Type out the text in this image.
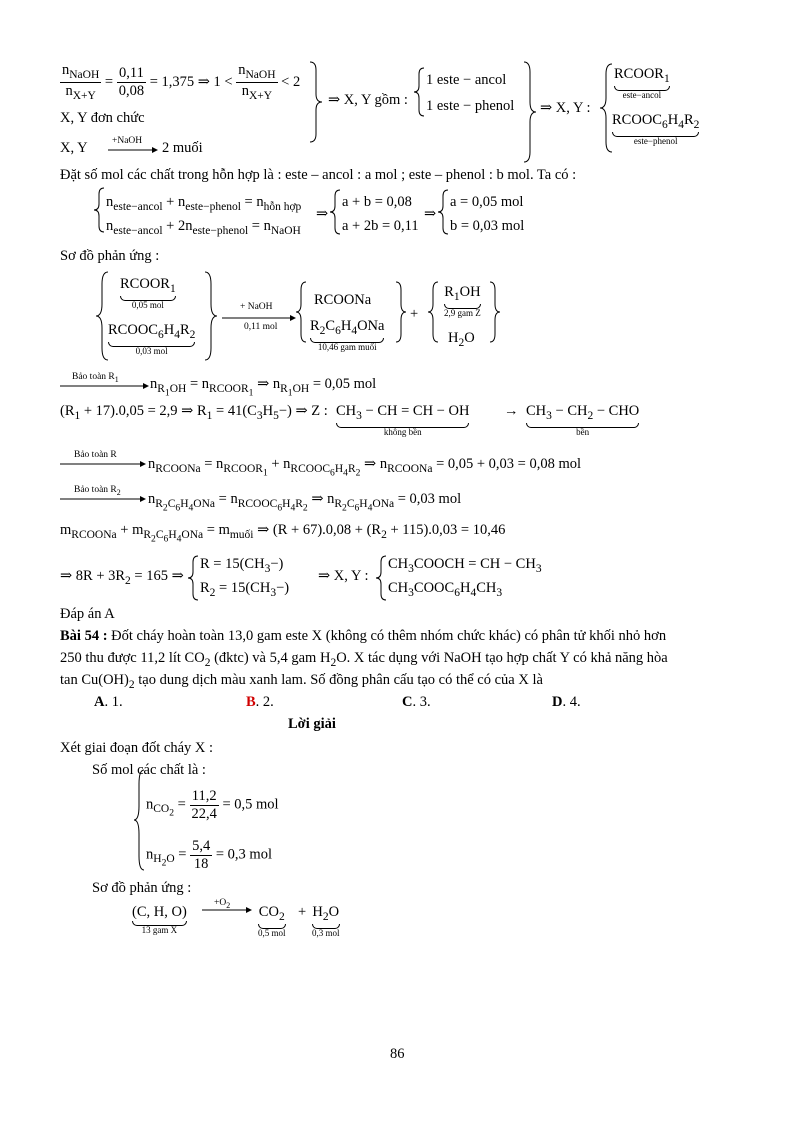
$\frac{n_{NaOH}}{n_{X+Y}} = \frac{0,11}{0,08} = 1,375$ ⇒ $1 < \frac{n_{NaOH}}{n_{X+Y}} < 2$
⇒ X, Y gồm :
1 este − ancol
1 este − phenol ⇒ X, Y :
$RCOOR_1$
este−ancol
$RCOOC_6H_4R_2$
este−phenol
X, Y đơn chức
X, Y	+NaOH 2 muối
Đặt số mol các chất trong hỗn hợp là : este – ancol : a mol ; este – phenol : b mol. Ta có :
$n_{este-ancol} + n_{este-phenol} = n_{hỗn hợp}$
$n_{este-ancol} + 2n_{este-phenol} = n_{NaOH}$
⇒
a + b = 0,08
a + 2b = 0,11
⇒
a = 0,05 mol
b = 0,03 mol
Sơ đồ phản ứng :
$RCOOR_1$
0,05 mol
$RCOOC_6H_4R_2$
0,03 mol
+ NaOH
0,11 mol
RCOONa
$R_2C_6H_4ONa$
10,46 gam muối
+
$R_1OH$
2,9 gam Z
$H_2O$
Bảo toàn $R_1$ $n_{R_1OH} = n_{RCOOR_1}$ ⇒ $n_{R_1OH} = 0,05$ mol
$(R_1 + 17).0,05 = 2,9$ ⇒ $R_1 = 41(C_3H_5-)$ ⇒ Z : $CH_3$ − CH = CH − OH
không bền
→ $CH_3 - CH_2$ − CHO
bền
Bảo toàn R
$n_{RCOONa} = n_{RCOOR_1} + n_{RCOOC_6H_4R_2}$ ⇒ $n_{RCOONa} = 0,05 + 0,03 = 0,08$ mol
Bảo toàn $R_2$ $n_{R_2C_6H_4ONa} = n_{RCOOC_6H_4R_2}$ ⇒ $n_{R_2C_6H_4ONa} = 0,03$ mol
$m_{RCOONa} + m_{R_2C_6H_4ONa} = m_{muối}$ ⇒ $(R + 67).0,08 + (R_2 + 115).0,03 = 10,46$
⇒ $8R + 3R_2 = 165$ ⇒
$R = 15(CH_3-)$
$R_2 = 15(CH_3-)$
⇒ X, Y :
$CH_3COOCH$ = CH − $CH_3$
$CH_3COOC_6H_4CH_3$
Đáp án A
Bài 54 : Đốt cháy hoàn toàn 13,0 gam este X (không có thêm nhóm chức khác) có phân tử khối nhỏ hơn
250 thu được 11,2 lít $CO_2$ (đktc) và 5,4 gam $H_2O$. X tác dụng với NaOH tạo hợp chất Y có khả năng hòa
$\tan Cu(OH)_2$ tạo dung dịch màu xanh lam. Số đồng phân cấu tạo có thể có của X là
A. 1.	B. 2.	C. 3.	D. 4.
Lời giải
Xét giai đoạn đốt cháy X :
Số mol các chất là :
$n_{CO_2} = \frac{11,2}{22,4} = 0,5$ mol
$n_{H_2O} = \frac{5,4}{18} = 0,3$ mol
Sơ đồ phản ứng :
(C, H, O)
13 gam X
$+O_2$ $CO_2$
0,5 mol
+ $H_2O$
0,3 mol
86
